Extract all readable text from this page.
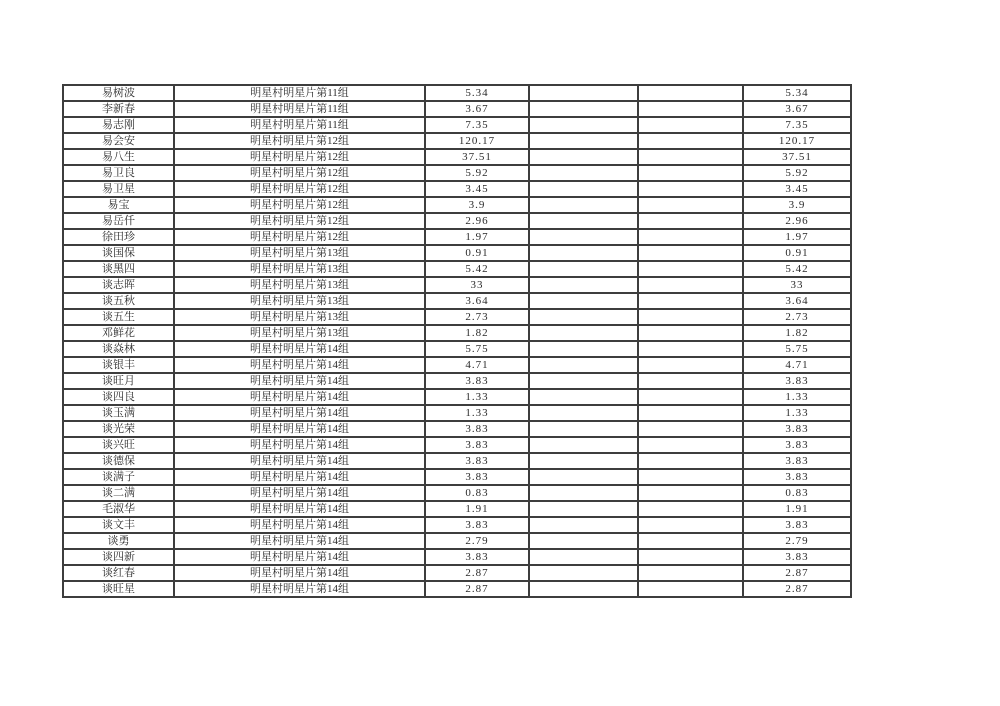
易树波	明星村明星片第11组	5.34			5.34
李新春	明星村明星片第11组	3.67			3.67
易志刚	明星村明星片第11组	7.35			7.35
易会安	明星村明星片第12组	120.17			120.17
易八生	明星村明星片第12组	37.51			37.51
易卫良	明星村明星片第12组	5.92			5.92
易卫星	明星村明星片第12组	3.45			3.45
易宝	明星村明星片第12组	3.9			3.9
易岳仟	明星村明星片第12组	2.96			2.96
徐田珍	明星村明星片第12组	1.97			1.97
谈国保	明星村明星片第13组	0.91			0.91
谈黑四	明星村明星片第13组	5.42			5.42
谈志晖	明星村明星片第13组	33			33
谈五秋	明星村明星片第13组	3.64			3.64
谈五生	明星村明星片第13组	2.73			2.73
邓鲜花	明星村明星片第13组	1.82			1.82
谈焱林	明星村明星片第14组	5.75			5.75
谈银丰	明星村明星片第14组	4.71			4.71
谈旺月	明星村明星片第14组	3.83			3.83
谈四良	明星村明星片第14组	1.33			1.33
谈玉满	明星村明星片第14组	1.33			1.33
谈光荣	明星村明星片第14组	3.83			3.83
谈兴旺	明星村明星片第14组	3.83			3.83
谈德保	明星村明星片第14组	3.83			3.83
谈满子	明星村明星片第14组	3.83			3.83
谈二满	明星村明星片第14组	0.83			0.83
毛淑华	明星村明星片第14组	1.91			1.91
谈文丰	明星村明星片第14组	3.83			3.83
谈勇	明星村明星片第14组	2.79			2.79
谈四新	明星村明星片第14组	3.83			3.83
谈红春	明星村明星片第14组	2.87			2.87
谈旺星	明星村明星片第14组	2.87			2.87
